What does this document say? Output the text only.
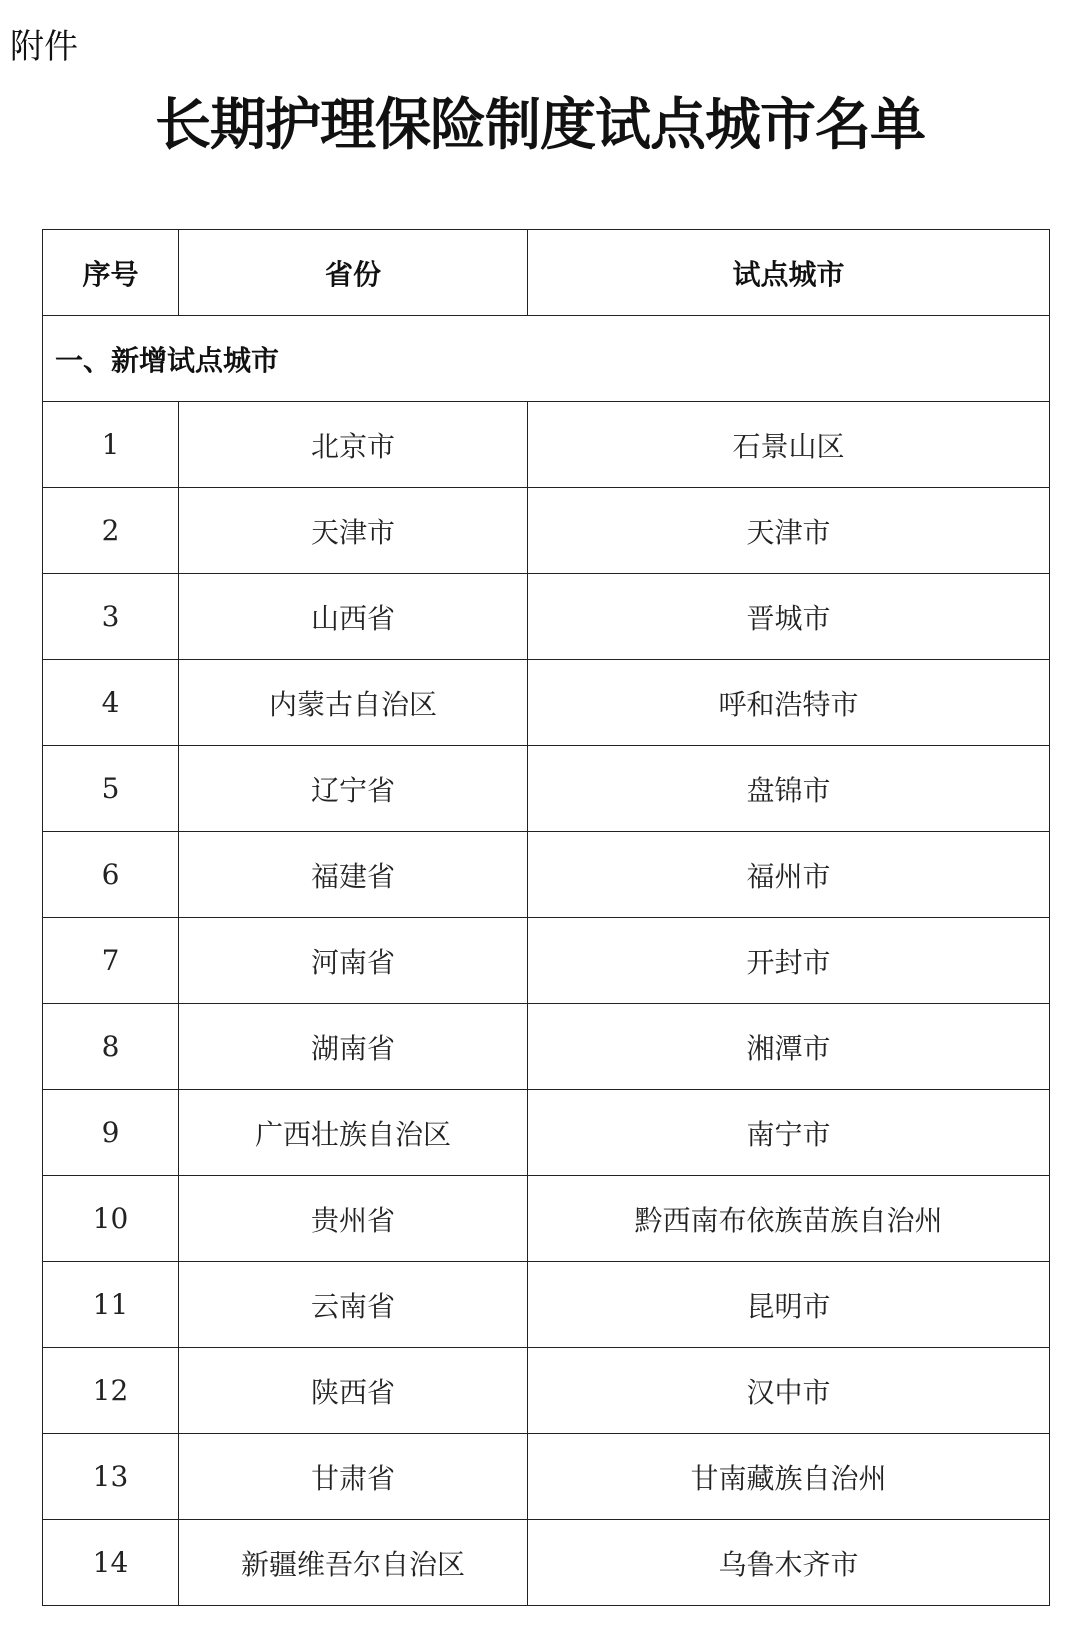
附件
长期护理保险制度试点城市名单
序号	省份	试点城市
一、新增试点城市		
1	北京市	石景山区
2	天津市	天津市
3	山西省	晋城市
4	内蒙古自治区	呼和浩特市
5	辽宁省	盘锦市
6	福建省	福州市
7	河南省	开封市
8	湖南省	湘潭市
9	广西壮族自治区	南宁市
10	贵州省	黔西南布依族苗族自治州
11	云南省	昆明市
12	陕西省	汉中市
13	甘肃省	甘南藏族自治州
14	新疆维吾尔自治区	乌鲁木齐市
